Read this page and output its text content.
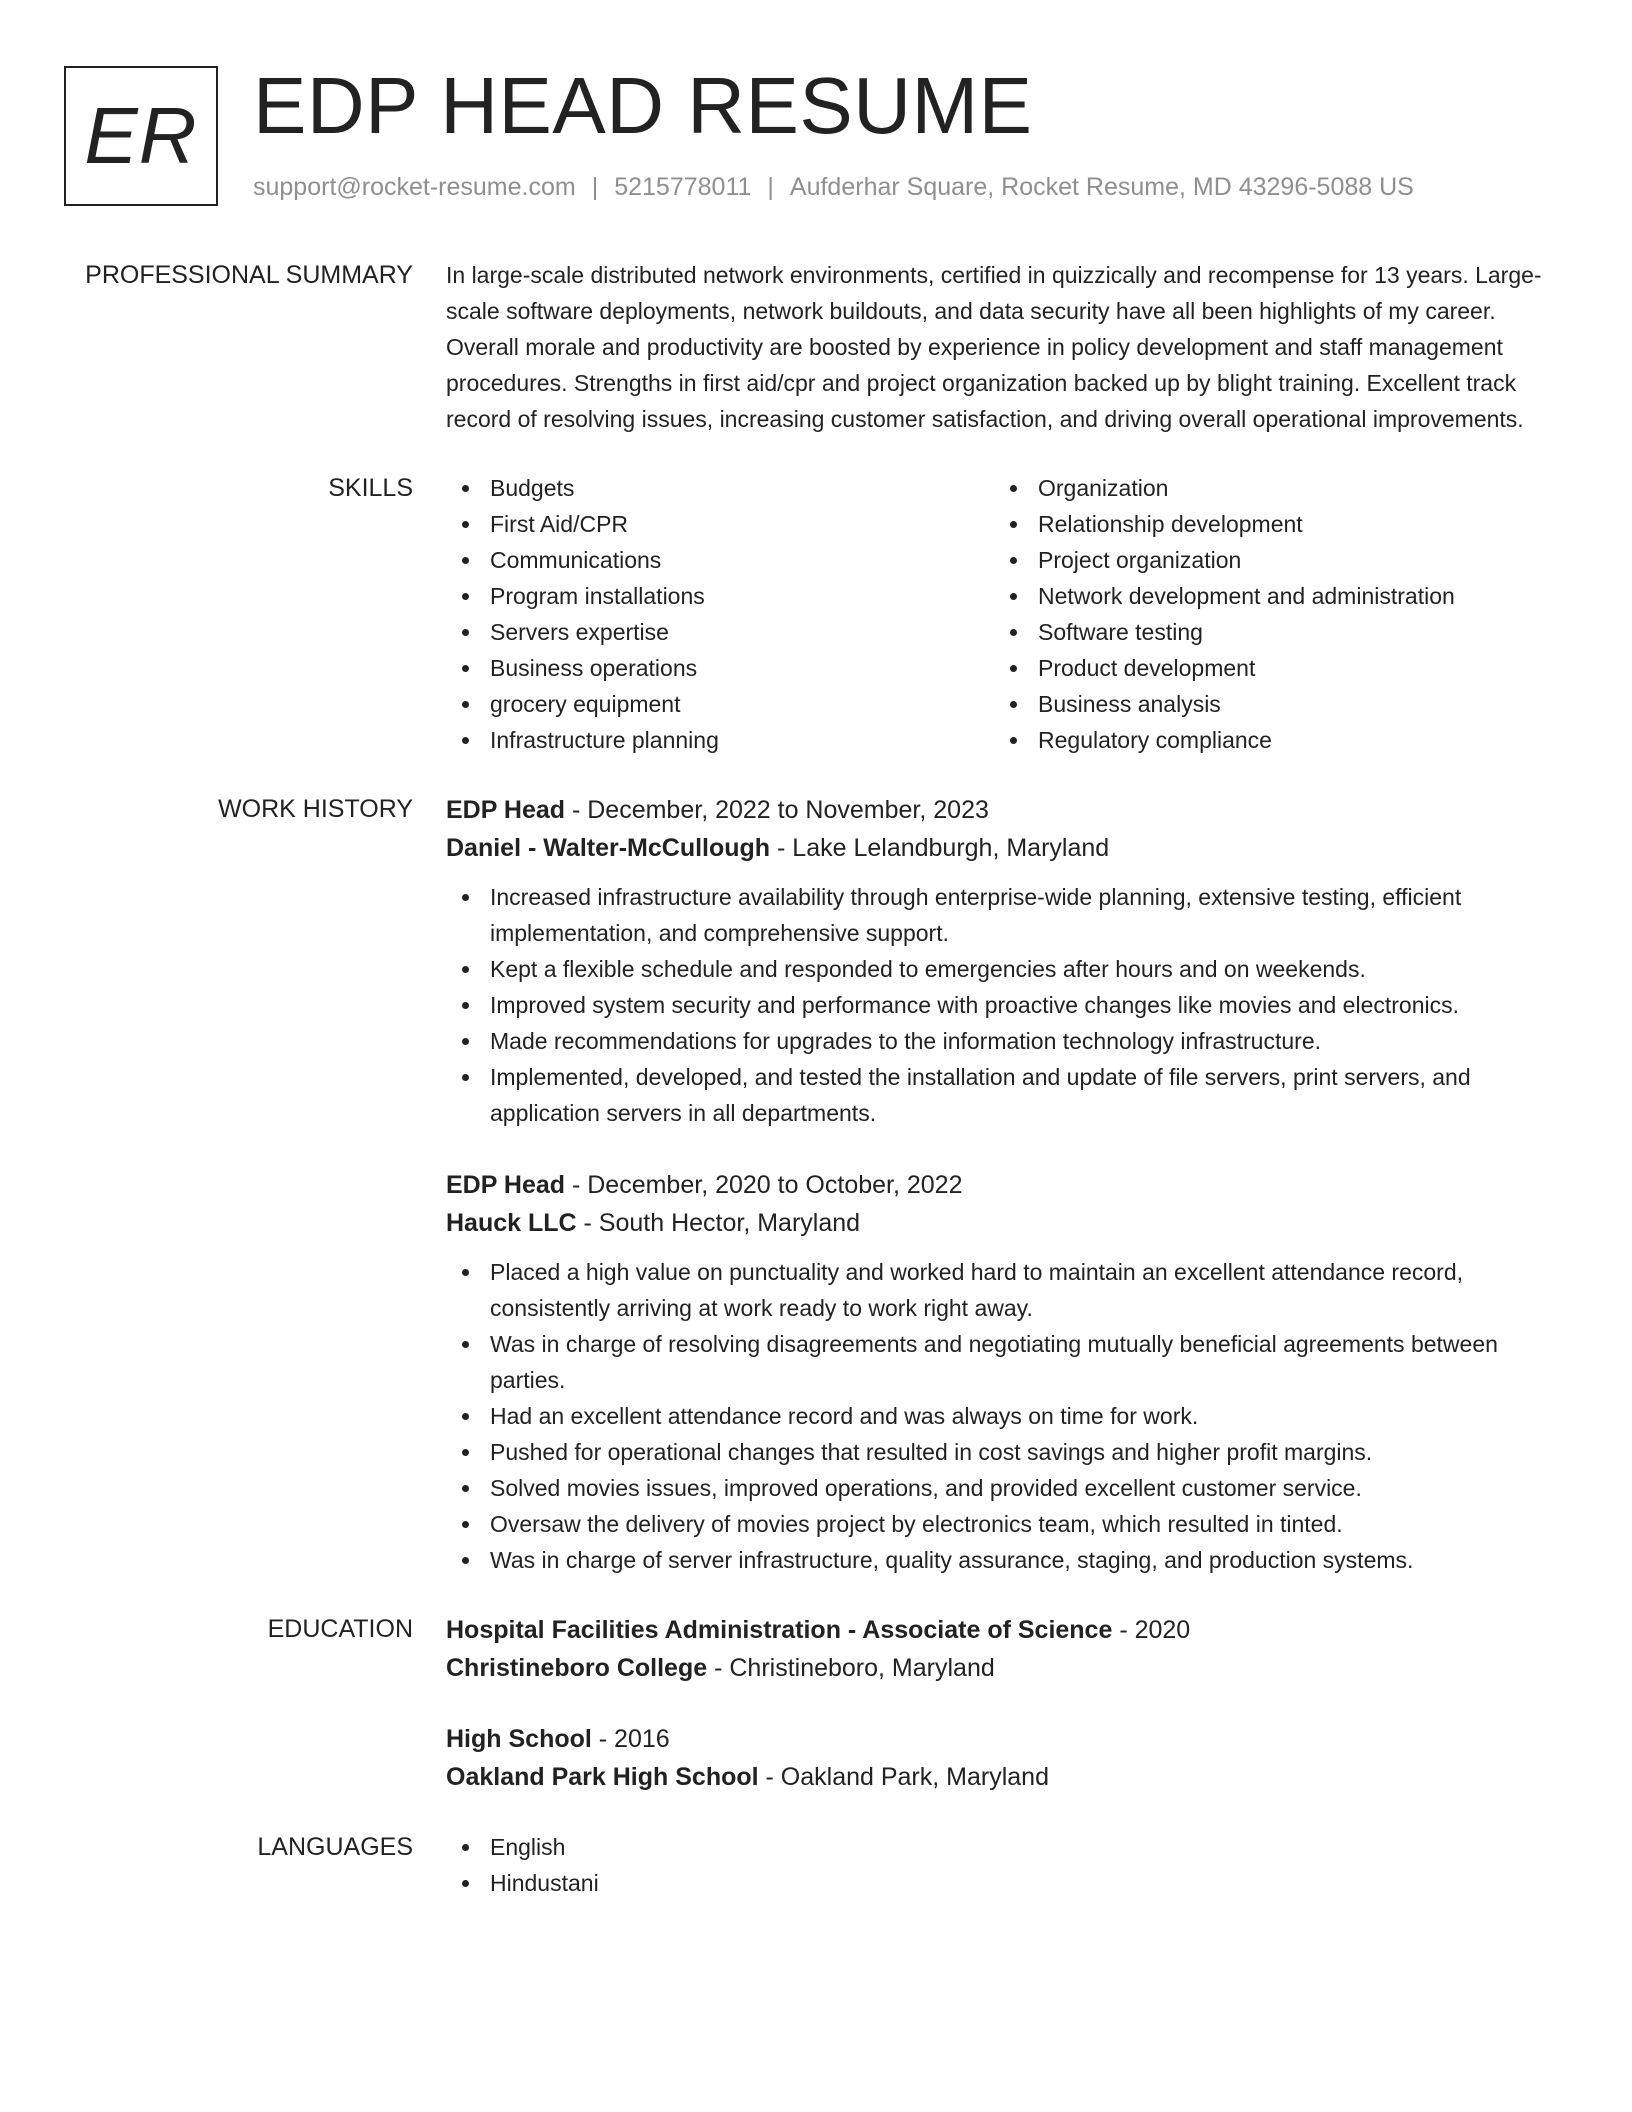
ER EDP HEAD RESUME
support@rocket-resume.com | 5215778011 | Aufderhar Square, Rocket Resume, MD 43296-5088 US
PROFESSIONAL SUMMARY In large-scale distributed network environments, certified in quizzically and recompense for 13 years. Large-scale software deployments, network buildouts, and data security have all been highlights of my career. Overall morale and productivity are boosted by experience in policy development and staff management procedures. Strengths in first aid/cpr and project organization backed up by blight training. Excellent track record of resolving issues, increasing customer satisfaction, and driving overall operational improvements.

SKILLS	Budgets
First Aid/CPR
Communications
Program installations
Servers expertise
Business operations
grocery equipment
Infrastructure planning
Organization
Relationship development
Project organization
Network development and administration
Software testing
Product development
Business analysis
Regulatory compliance
WORK HISTORY EDP Head - December, 2022 to November, 2023
Daniel - Walter-McCullough - Lake Lelandburgh, Maryland
Increased infrastructure availability through enterprise-wide planning, extensive testing, efficient implementation, and comprehensive support.
Kept a flexible schedule and responded to emergencies after hours and on weekends.
Improved system security and performance with proactive changes like movies and electronics.
Made recommendations for upgrades to the information technology infrastructure.
Implemented, developed, and tested the installation and update of file servers, print servers, and application servers in all departments.
EDP Head - December, 2020 to October, 2022
Hauck LLC - South Hector, Maryland
Placed a high value on punctuality and worked hard to maintain an excellent attendance record, consistently arriving at work ready to work right away.
Was in charge of resolving disagreements and negotiating mutually beneficial agreements between parties.
Had an excellent attendance record and was always on time for work.
Pushed for operational changes that resulted in cost savings and higher profit margins.
Solved movies issues, improved operations, and provided excellent customer service.
Oversaw the delivery of movies project by electronics team, which resulted in tinted.
Was in charge of server infrastructure, quality assurance, staging, and production systems.
EDUCATION Hospital Facilities Administration - Associate of Science - 2020
Christineboro College - Christineboro, Maryland
High School - 2016
Oakland Park High School - Oakland Park, Maryland
LANGUAGES	English
Hindustani
